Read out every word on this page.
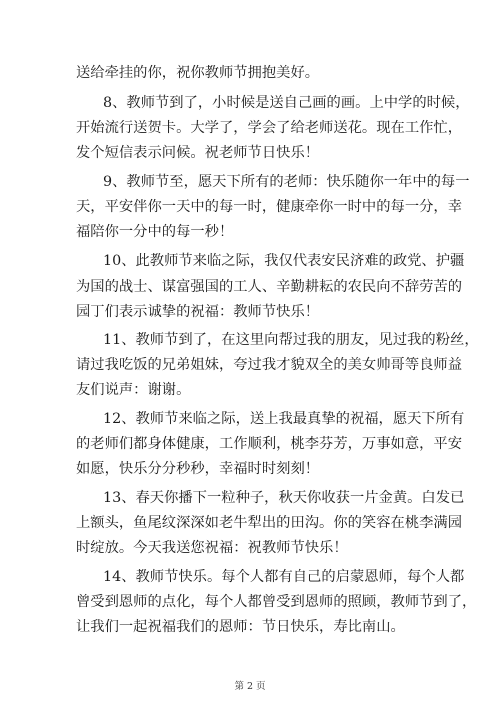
送给牵挂的你，祝你教师节拥抱美好。
8、教师节到了，小时候是送自己画的画。上中学的时候，
开始流行送贺卡。大学了，学会了给老师送花。现在工作忙，
发个短信表示问候。祝老师节日快乐！
9、教师节至，愿天下所有的老师：快乐随你一年中的每一
天，平安伴你一天中的每一时，健康牵你一时中的每一分，幸
福陪你一分中的每一秒！
10、此教师节来临之际，我仅代表安民济难的政党、护疆
为国的战士、谋富强国的工人、辛勤耕耘的农民向不辞劳苦的
园丁们表示诚挚的祝福：教师节快乐！
11、教师节到了，在这里向帮过我的朋友，见过我的粉丝，
请过我吃饭的兄弟姐妹，夸过我才貌双全的美女帅哥等良师益
友们说声：谢谢。
12、教师节来临之际，送上我最真挚的祝福，愿天下所有
的老师们都身体健康，工作顺利，桃李芬芳，万事如意，平安
如愿，快乐分分秒秒，幸福时时刻刻！
13、春天你播下一粒种子，秋天你收获一片金黄。白发已
上额头，鱼尾纹深深如老牛犁出的田沟。你的笑容在桃李满园
时绽放。今天我送您祝福：祝教师节快乐！
14、教师节快乐。每个人都有自己的启蒙恩师，每个人都
曾受到恩师的点化，每个人都曾受到恩师的照顾，教师节到了，
让我们一起祝福我们的恩师：节日快乐，寿比南山。
第 2 页
